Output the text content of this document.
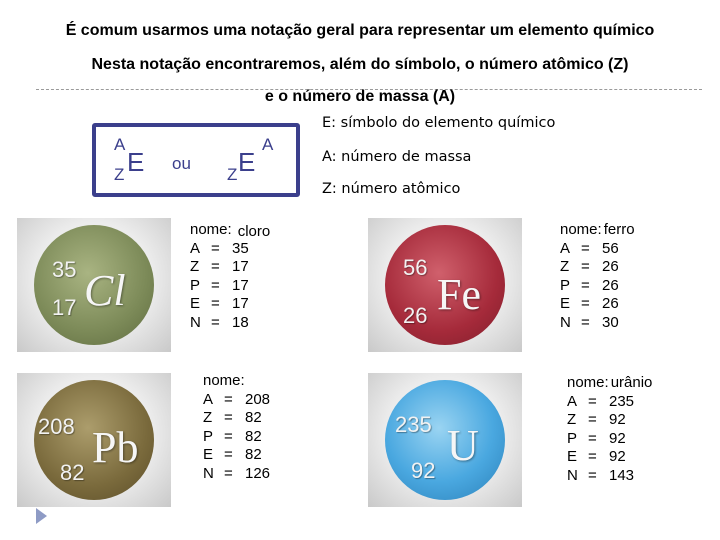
É comum usarmos uma notação geral para representar um elemento químico
Nesta notação encontraremos, além do símbolo, o número atômico (Z)
e o número de massa (A)
A
Z E ou
Z E
A
E: símbolo do elemento químico
A: número de massa
Z: número atômico
35
17 Cl	56
26 Fe
208
82
Pb	235
92
U
nome: cloro
A = 35
Z = 17
P = 17
E = 17
N = 18
nome: ferro
A = 56
Z = 26
P = 26
E = 26
N = 30
nome:
A = 208
Z = 82
P = 82
E = 82
N = 126
nome: urânio
A = 235
Z = 92
P = 92
E = 92
N = 143
